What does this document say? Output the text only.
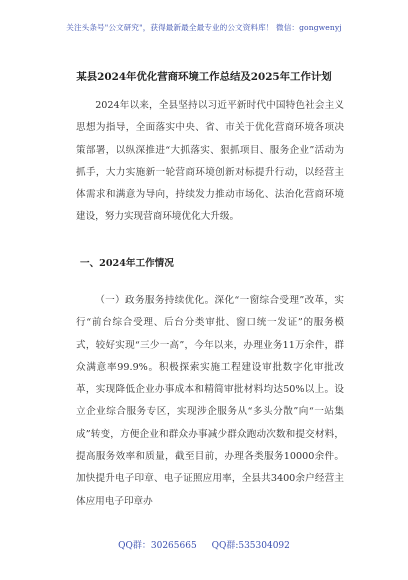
关注头条号"公文研究"，获得最新最全最专业的公文资料库！ 微信：gongwenyj
某县2024年优化营商环境工作总结及2025年工作计划
2024年以来，全县坚持以习近平新时代中国特色社会主义思想为指导，全面落实中央、省、市关于优化营商环境各项决策部署，以纵深推进“大抓落实、狠抓项目、服务企业”活动为抓手，大力实施新一轮营商环境创新对标提升行动，以经营主体需求和满意为导向，持续发力推动市场化、法治化营商环境建设，努力实现营商环境优化大升级。
一、2024年工作情况
（一）政务服务持续优化。深化“一窗综合受理”改革，实行“前台综合受理、后台分类审批、窗口统一发证”的服务模式，较好实现“三少一高”，今年以来，办理业务11万余件，群众满意率99.9%。积极探索实施工程建设审批数字化审批改革，实现降低企业办事成本和精简审批材料均达50%以上。设立企业综合服务专区，实现涉企服务从“多头分散”向“一站集成”转变，方便企业和群众办事减少群众跑动次数和提交材料，提高服务效率和质量，截至目前，办理各类服务10000余件。加快提升电子印章、电子证照应用率，全县共3400余户经营主体应用电子印章办
QQ群：30265665 QQ群:535304092
